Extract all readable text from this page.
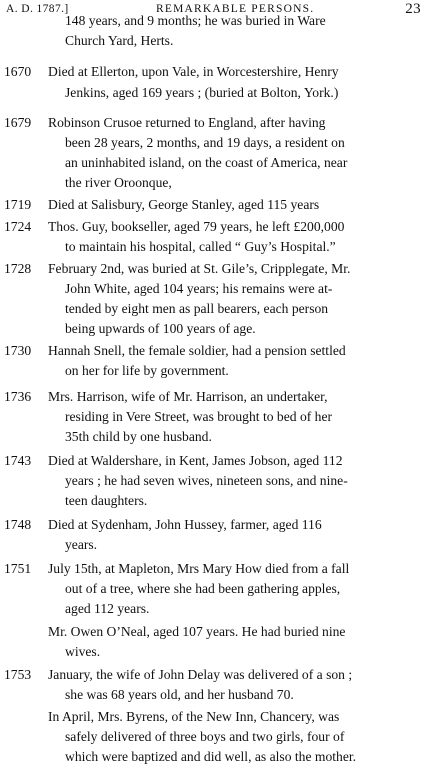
A. D. 1787.]	REMARKABLE PERSONS.	23
148 years, and 9 months; he was buried in Ware
Church Yard, Herts.
1670	Died at Ellerton, upon Vale, in Worcestershire, Henry
Jenkins, aged 169 years ; (buried at Bolton, York.)
1679	Robinson Crusoe returned to England, after having
been 28 years, 2 months, and 19 days, a resident on
an uninhabited island, on the coast of America, near
the river Oroonque,
1719	Died at Salisbury, George Stanley, aged 115 years
1724	Thos. Guy, bookseller, aged 79 years, he left £200,000
to maintain his hospital, called “ Guy’s Hospital.”
1728	February 2nd, was buried at St. Gile’s, Cripplegate, Mr.
John White, aged 104 years; his remains were at-
tended by eight men as pall bearers, each person
being upwards of 100 years of age.
1730	Hannah Snell, the female soldier, had a pension settled
on her for life by government.
1736	Mrs. Harrison, wife of Mr. Harrison, an undertaker,
residing in Vere Street, was brought to bed of her
35th child by one husband.
1743	Died at Waldershare, in Kent, James Jobson, aged 112
years ; he had seven wives, nineteen sons, and nine-
teen daughters.
1748	Died at Sydenham, John Hussey, farmer, aged 116
years.
1751	July 15th, at Mapleton, Mrs Mary How died from a fall
out of a tree, where she had been gathering apples,
aged 112 years.
Mr. Owen O’Neal, aged 107 years. He had buried nine
wives.
1753	January, the wife of John Delay was delivered of a son ;
she was 68 years old, and her husband 70.
In April, Mrs. Byrens, of the New Inn, Chancery, was
safely delivered of three boys and two girls, four of
which were baptized and did well, as also the mother.
